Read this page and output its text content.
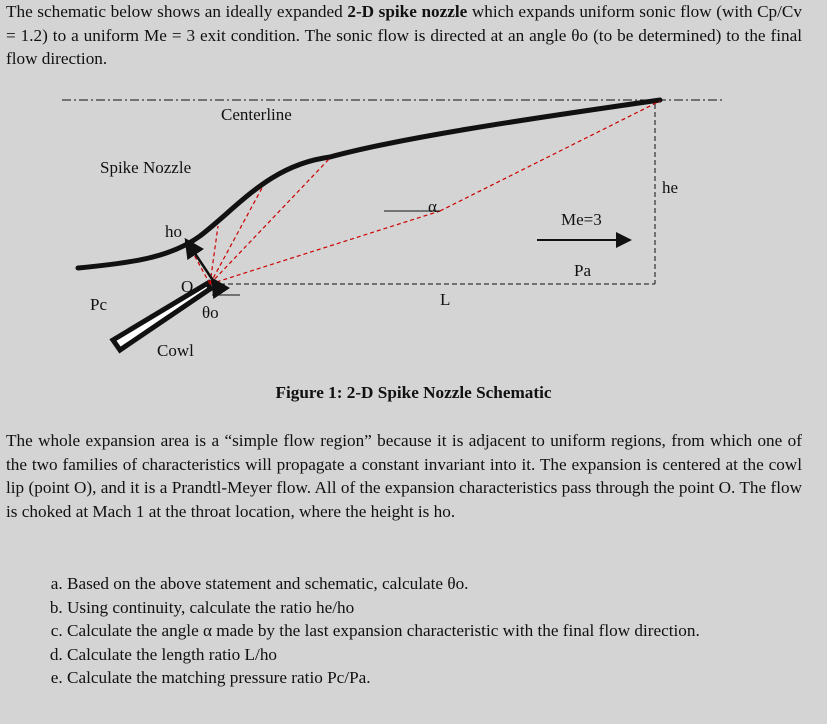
The schematic below shows an ideally expanded 2-D spike nozzle which expands uniform sonic flow (with Cp/Cv = 1.2) to a uniform Me = 3 exit condition. The sonic flow is directed at an angle θo (to be determined) to the final flow direction.

Centerline
Spike Nozzle
ho
he
α
Me=3
Pa
O
Pc	θo
L
Cowl
Figure 1: 2-D Spike Nozzle Schematic

The whole expansion area is a “simple flow region” because it is adjacent to uniform regions, from which one of the two families of characteristics will propagate a constant invariant into it. The expansion is centered at the cowl lip (point O), and it is a Prandtl-Meyer flow. All of the expansion characteristics pass through the point O. The flow is choked at Mach 1 at the throat location, where the height is ho.

a. Based on the above statement and schematic, calculate θo.
b. Using continuity, calculate the ratio he/ho
c. Calculate the angle α made by the last expansion characteristic with the final flow direction.
d. Calculate the length ratio L/ho
e. Calculate the matching pressure ratio Pc/Pa.
